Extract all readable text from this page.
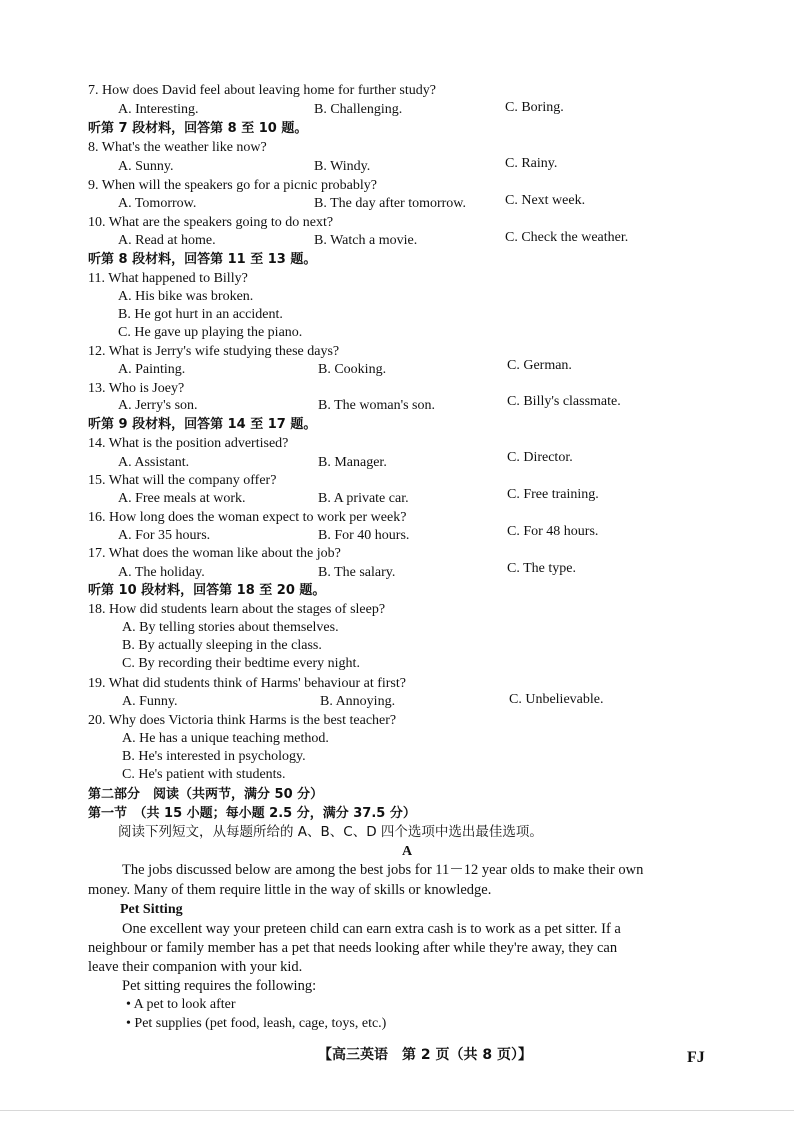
7. How does David feel about leaving home for further study?
A. Interesting.	B. Challenging.	C. Boring.
听第 7 段材料，回答第 8 至 10 题。
8. What's the weather like now?
A. Sunny.	B. Windy.	C. Rainy.
9. When will the speakers go for a picnic probably?
A. Tomorrow.	B. The day after tomorrow.	C. Next week.
10. What are the speakers going to do next?
A. Read at home.	B. Watch a movie.	C. Check the weather.
听第 8 段材料，回答第 11 至 13 题。
11. What happened to Billy?
A. His bike was broken.
B. He got hurt in an accident.
C. He gave up playing the piano.
12. What is Jerry's wife studying these days?
A. Painting.	B. Cooking.	C. German.
13. Who is Joey?
A. Jerry's son.	B. The woman's son.	C. Billy's classmate.
听第 9 段材料，回答第 14 至 17 题。
14. What is the position advertised?
A. Assistant.	B. Manager.	C. Director.
15. What will the company offer?
A. Free meals at work.	B. A private car.	C. Free training.
16. How long does the woman expect to work per week?
A. For 35 hours.	B. For 40 hours.	C. For 48 hours.
17. What does the woman like about the job?
A. The holiday.	B. The salary.	C. The type.
听第 10 段材料，回答第 18 至 20 题。
18. How did students learn about the stages of sleep?
A. By telling stories about themselves.
B. By actually sleeping in the class.
C. By recording their bedtime every night.
19. What did students think of Harms' behaviour at first?
A. Funny.	B. Annoying.	C. Unbelievable.
20. Why does Victoria think Harms is the best teacher?
A. He has a unique teaching method.
B. He's interested in psychology.
C. He's patient with students.
第二部分　阅读（共两节，满分 50 分）
第一节　（共 15 小题；每小题 2.5 分，满分 37.5 分）
阅读下列短文，从每题所给的 A、B、C、D 四个选项中选出最佳选项。
A
The jobs discussed below are among the best jobs for 11－12 year olds to make their own
money. Many of them require little in the way of skills or knowledge.
Pet Sitting
One excellent way your preteen child can earn extra cash is to work as a pet sitter. If a
neighbour or family member has a pet that needs looking after while they're away, they can
leave their companion with your kid.
Pet sitting requires the following:
• A pet to look after
• Pet supplies (pet food, leash, cage, toys, etc.)
【高三英语　第 2 页（共 8 页）】	FJ
